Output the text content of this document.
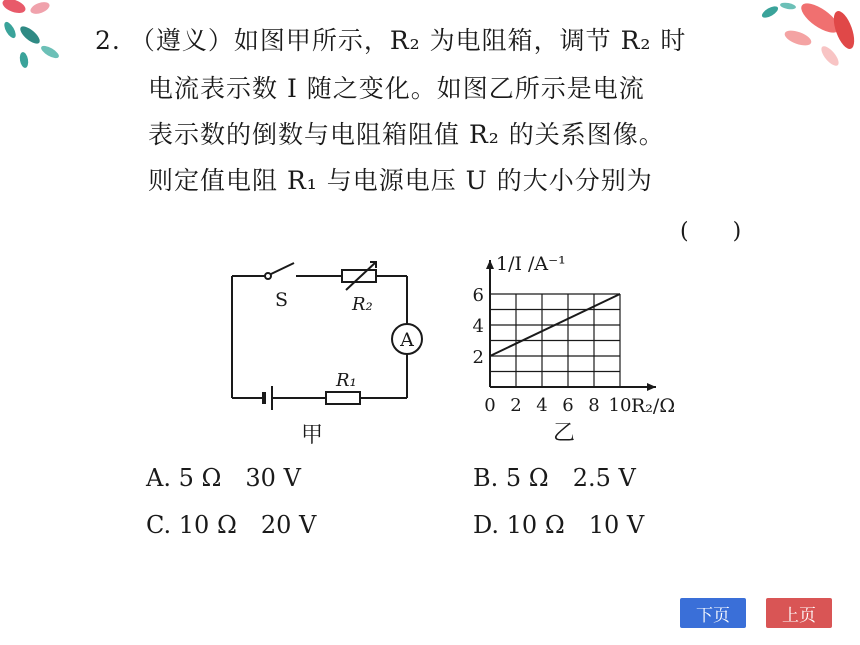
2. （遵义）如图甲所示，R₂ 为电阻箱，调节 R₂ 时
电流表示数 I 随之变化。如图乙所示是电流
表示数的倒数与电阻箱阻值 R₂ 的关系图像。
则定值电阻 R₁ 与电源电压 U 的大小分别为
(　　)
S	R₂
A
R₁
甲
0 2 4 6 8 10
2
4
6
1/I /A⁻¹
R₂/Ω
乙
A. 5 Ω　30 V	B. 5 Ω　2.5 V
C. 10 Ω　20 V	D. 10 Ω　10 V
下页	上页
